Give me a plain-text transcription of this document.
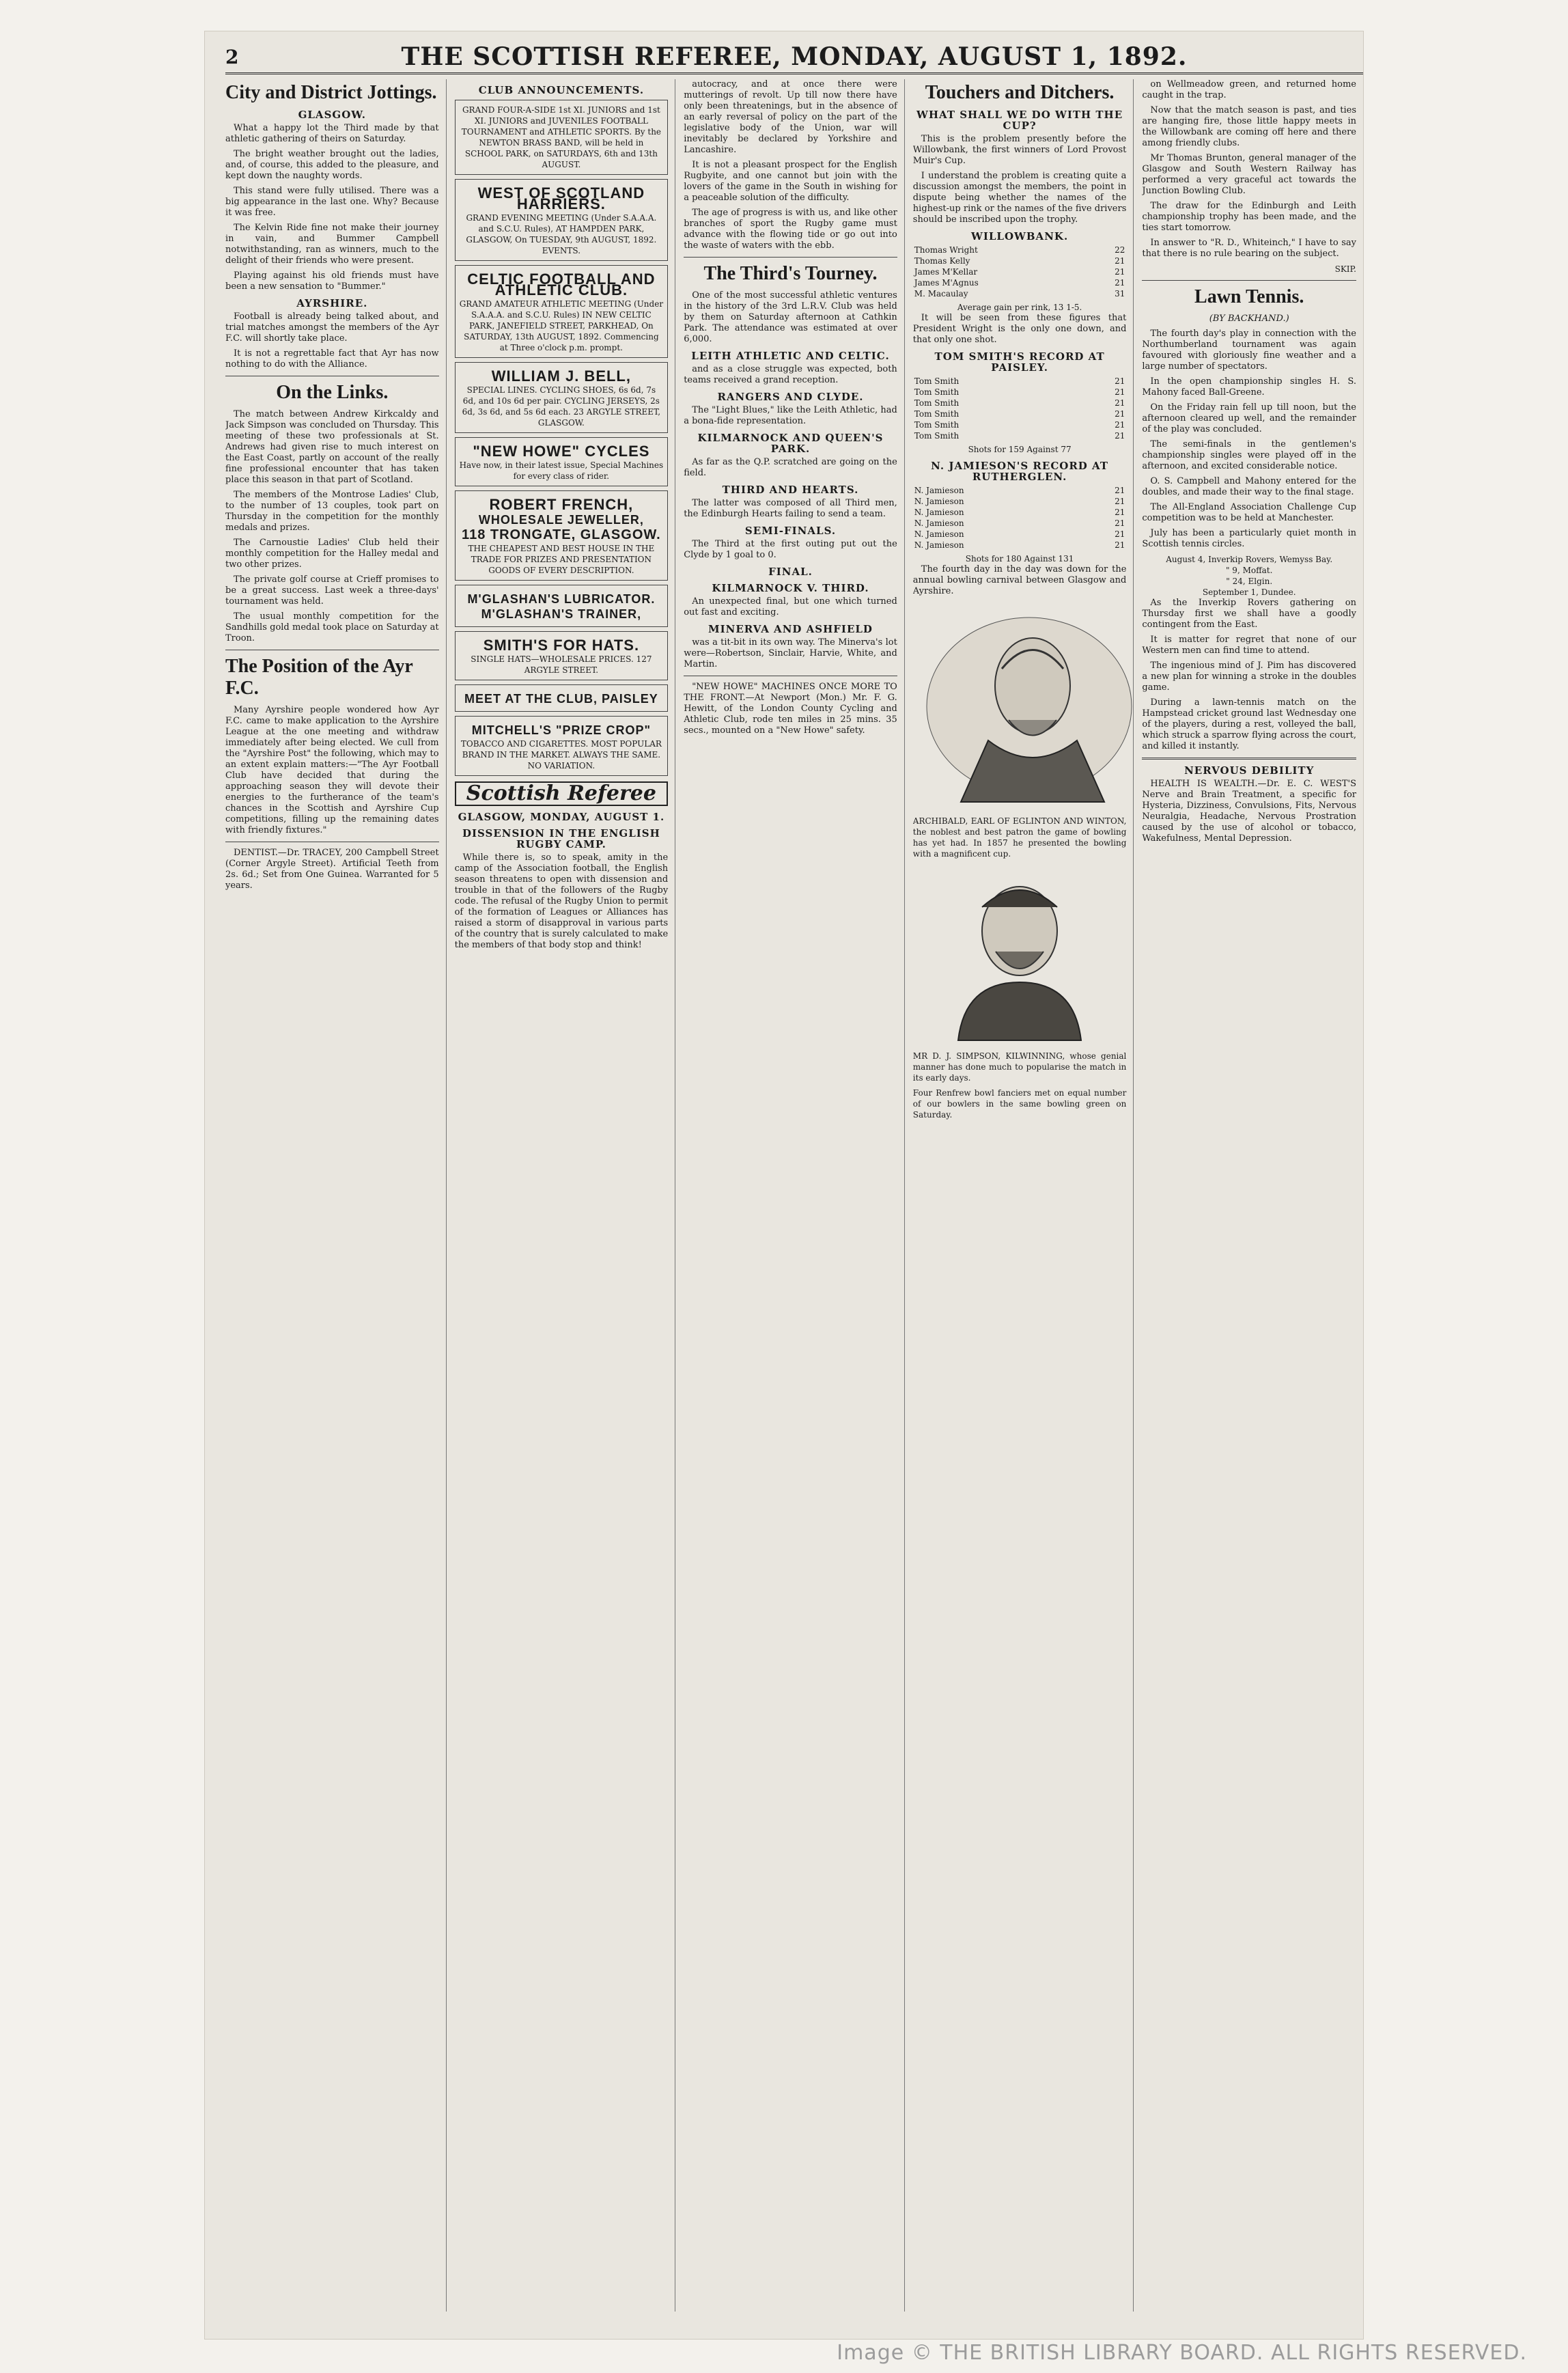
2	THE SCOTTISH REFEREE, MONDAY, AUGUST 1, 1892.
City and District Jottings.
GLASGOW.

What a happy lot the Third made by that athletic gathering of theirs on Saturday.

The bright weather brought out the ladies, and, of course, this added to the pleasure, and kept down the naughty words.

This stand were fully utilised. There was a big appearance in the last one. Why? Because it was free.

The Kelvin Ride fine not make their journey in vain, and Bummer Campbell notwithstanding, ran as winners, much to the delight of their friends who were present.

Playing against his old friends must have been a new sensation to "Bummer."

AYRSHIRE.

Football is already being talked about, and trial matches amongst the members of the Ayr F.C. will shortly take place.

It is not a regrettable fact that Ayr has now nothing to do with the Alliance.

On the Links.

The match between Andrew Kirkcaldy and Jack Simpson was concluded on Thursday. This meeting of these two professionals at St. Andrews had given rise to much interest on the East Coast, partly on account of the really fine professional encounter that has taken place this season in that part of Scotland.

The members of the Montrose Ladies' Club, to the number of 13 couples, took part on Thursday in the competition for the monthly medals and prizes.

The Carnoustie Ladies' Club held their monthly competition for the Halley medal and two other prizes.

The private golf course at Crieff promises to be a great success. Last week a three-days' tournament was held.

The usual monthly competition for the Sandhills gold medal took place on Saturday at Troon.

The Position of the Ayr F.C.

Many Ayrshire people wondered how Ayr F.C. came to make application to the Ayrshire League at the one meeting and withdraw immediately after being elected. We cull from the "Ayrshire Post" the following, which may to an extent explain matters:—"The Ayr Football Club have decided that during the approaching season they will devote their energies to the furtherance of the team's chances in the Scottish and Ayrshire Cup competitions, filling up the remaining dates with friendly fixtures."

DENTIST.—Dr. TRACEY, 200 Campbell Street (Corner Argyle Street). Artificial Teeth from 2s. 6d.; Set from One Guinea. Warranted for 5 years.

CLUB ANNOUNCEMENTS.
GRAND FOUR-A-SIDE 1st XI. JUNIORS and 1st XI. JUNIORS and JUVENILES FOOTBALL TOURNAMENT and ATHLETIC SPORTS. By the NEWTON BRASS BAND, will be held in SCHOOL PARK, on SATURDAYS, 6th and 13th AUGUST.
WEST OF SCOTLAND HARRIERS.
GRAND EVENING MEETING (Under S.A.A.A. and S.C.U. Rules), AT HAMPDEN PARK, GLASGOW, On TUESDAY, 9th AUGUST, 1892. EVENTS.
CELTIC FOOTBALL AND ATHLETIC CLUB.
GRAND AMATEUR ATHLETIC MEETING (Under S.A.A.A. and S.C.U. Rules) IN NEW CELTIC PARK, JANEFIELD STREET, PARKHEAD, On SATURDAY, 13th AUGUST, 1892. Commencing at Three o'clock p.m. prompt.
WILLIAM J. BELL,
SPECIAL LINES. CYCLING SHOES, 6s 6d, 7s 6d, and 10s 6d per pair. CYCLING JERSEYS, 2s 6d, 3s 6d, and 5s 6d each. 23 ARGYLE STREET, GLASGOW.
"NEW HOWE" CYCLES
Have now, in their latest issue, Special Machines for every class of rider.
ROBERT FRENCH,
WHOLESALE JEWELLER,
118 TRONGATE, GLASGOW.
THE CHEAPEST AND BEST HOUSE IN THE TRADE FOR PRIZES AND PRESENTATION GOODS OF EVERY DESCRIPTION.
M'GLASHAN'S LUBRICATOR.
M'GLASHAN'S TRAINER,
SMITH'S FOR HATS.
SINGLE HATS—WHOLESALE PRICES. 127 ARGYLE STREET.
MEET AT THE CLUB, PAISLEY
MITCHELL'S "PRIZE CROP"
TOBACCO AND CIGARETTES. MOST POPULAR BRAND IN THE MARKET. ALWAYS THE SAME. NO VARIATION.
Scottish Referee
GLASGOW, MONDAY, AUGUST 1.
DISSENSION IN THE ENGLISH RUGBY CAMP.

While there is, so to speak, amity in the camp of the Association football, the English season threatens to open with dissension and trouble in that of the followers of the Rugby code. The refusal of the Rugby Union to permit of the formation of Leagues or Alliances has raised a storm of disapproval in various parts of the country that is surely calculated to make the members of that body stop and think!

autocracy, and at once there were mutterings of revolt. Up till now there have only been threatenings, but in the absence of an early reversal of policy on the part of the legislative body of the Union, war will inevitably be declared by Yorkshire and Lancashire.

It is not a pleasant prospect for the English Rugbyite, and one cannot but join with the lovers of the game in the South in wishing for a peaceable solution of the difficulty.

The age of progress is with us, and like other branches of sport the Rugby game must advance with the flowing tide or go out into the waste of waters with the ebb.

The Third's Tourney.

One of the most successful athletic ventures in the history of the 3rd L.R.V. Club was held by them on Saturday afternoon at Cathkin Park. The attendance was estimated at over 6,000.

LEITH ATHLETIC AND CELTIC.

and as a close struggle was expected, both teams received a grand reception.

RANGERS AND CLYDE.

The "Light Blues," like the Leith Athletic, had a bona-fide representation.

KILMARNOCK AND QUEEN'S PARK.

As far as the Q.P. scratched are going on the field.

THIRD AND HEARTS.

The latter was composed of all Third men, the Edinburgh Hearts failing to send a team.

SEMI-FINALS.

The Third at the first outing put out the Clyde by 1 goal to 0.

FINAL.
KILMARNOCK V. THIRD.

An unexpected final, but one which turned out fast and exciting.

MINERVA AND ASHFIELD

was a tit-bit in its own way. The Minerva's lot were—Robertson, Sinclair, Harvie, White, and Martin.

"NEW HOWE" MACHINES ONCE MORE TO THE FRONT.—At Newport (Mon.) Mr. F. G. Hewitt, of the London County Cycling and Athletic Club, rode ten miles in 25 mins. 35 secs., mounted on a "New Howe" safety.

Touchers and Ditchers.
WHAT SHALL WE DO WITH THE CUP?

This is the problem presently before the Willowbank, the first winners of Lord Provost Muir's Cup.

I understand the problem is creating quite a discussion amongst the members, the point in dispute being whether the names of the highest-up rink or the names of the five drivers should be inscribed upon the trophy.

WILLOWBANK.
Thomas Wright	22
Thomas Kelly	21
James M'Kellar	21
James M'Agnus	21
M. Macaulay	31
Average gain per rink, 13 1-5.

It will be seen from these figures that President Wright is the only one down, and that only one shot.

TOM SMITH'S RECORD AT PAISLEY.
Tom Smith	21
Tom Smith	21
Tom Smith	21
Tom Smith	21
Tom Smith	21
Tom Smith	21
Shots for 159 Against 77
N. JAMIESON'S RECORD AT RUTHERGLEN.
N. Jamieson	21
N. Jamieson	21
N. Jamieson	21
N. Jamieson	21
N. Jamieson	21
N. Jamieson	21
Shots for 180 Against 131

The fourth day in the day was down for the annual bowling carnival between Glasgow and Ayrshire.

ARCHIBALD, EARL OF EGLINTON AND WINTON, the noblest and best patron the game of bowling has yet had. In 1857 he presented the bowling with a magnificent cup.
MR D. J. SIMPSON, KILWINNING, whose genial manner has done much to popularise the match in its early days.
Four Renfrew bowl fanciers met on equal number of our bowlers in the same bowling green on Saturday.

on Wellmeadow green, and returned home caught in the trap.

Now that the match season is past, and ties are hanging fire, those little happy meets in the Willowbank are coming off here and there among friendly clubs.

Mr Thomas Brunton, general manager of the Glasgow and South Western Railway has performed a very graceful act towards the Junction Bowling Club.

The draw for the Edinburgh and Leith championship trophy has been made, and the ties start tomorrow.

In answer to "R. D., Whiteinch," I have to say that there is no rule bearing on the subject.

SKIP.
Lawn Tennis.
(BY BACKHAND.)

The fourth day's play in connection with the Northumberland tournament was again favoured with gloriously fine weather and a large number of spectators.

In the open championship singles H. S. Mahony faced Ball-Greene.

On the Friday rain fell up till noon, but the afternoon cleared up well, and the remainder of the play was concluded.

The semi-finals in the gentlemen's championship singles were played off in the afternoon, and excited considerable notice.

O. S. Campbell and Mahony entered for the doubles, and made their way to the final stage.

The All-England Association Challenge Cup competition was to be held at Manchester.

July has been a particularly quiet month in Scottish tennis circles.

August 4, Inverkip Rovers, Wemyss Bay.
" 9, Moffat.
" 24, Elgin.
September 1, Dundee.

As the Inverkip Rovers gathering on Thursday first we shall have a goodly contingent from the East.

It is matter for regret that none of our Western men can find time to attend.

The ingenious mind of J. Pim has discovered a new plan for winning a stroke in the doubles game.

During a lawn-tennis match on the Hampstead cricket ground last Wednesday one of the players, during a rest, volleyed the ball, which struck a sparrow flying across the court, and killed it instantly.

NERVOUS DEBILITY

HEALTH IS WEALTH.—Dr. E. C. WEST'S Nerve and Brain Treatment, a specific for Hysteria, Dizziness, Convulsions, Fits, Nervous Neuralgia, Headache, Nervous Prostration caused by the use of alcohol or tobacco, Wakefulness, Mental Depression.

Image © THE BRITISH LIBRARY BOARD. ALL RIGHTS RESERVED.
